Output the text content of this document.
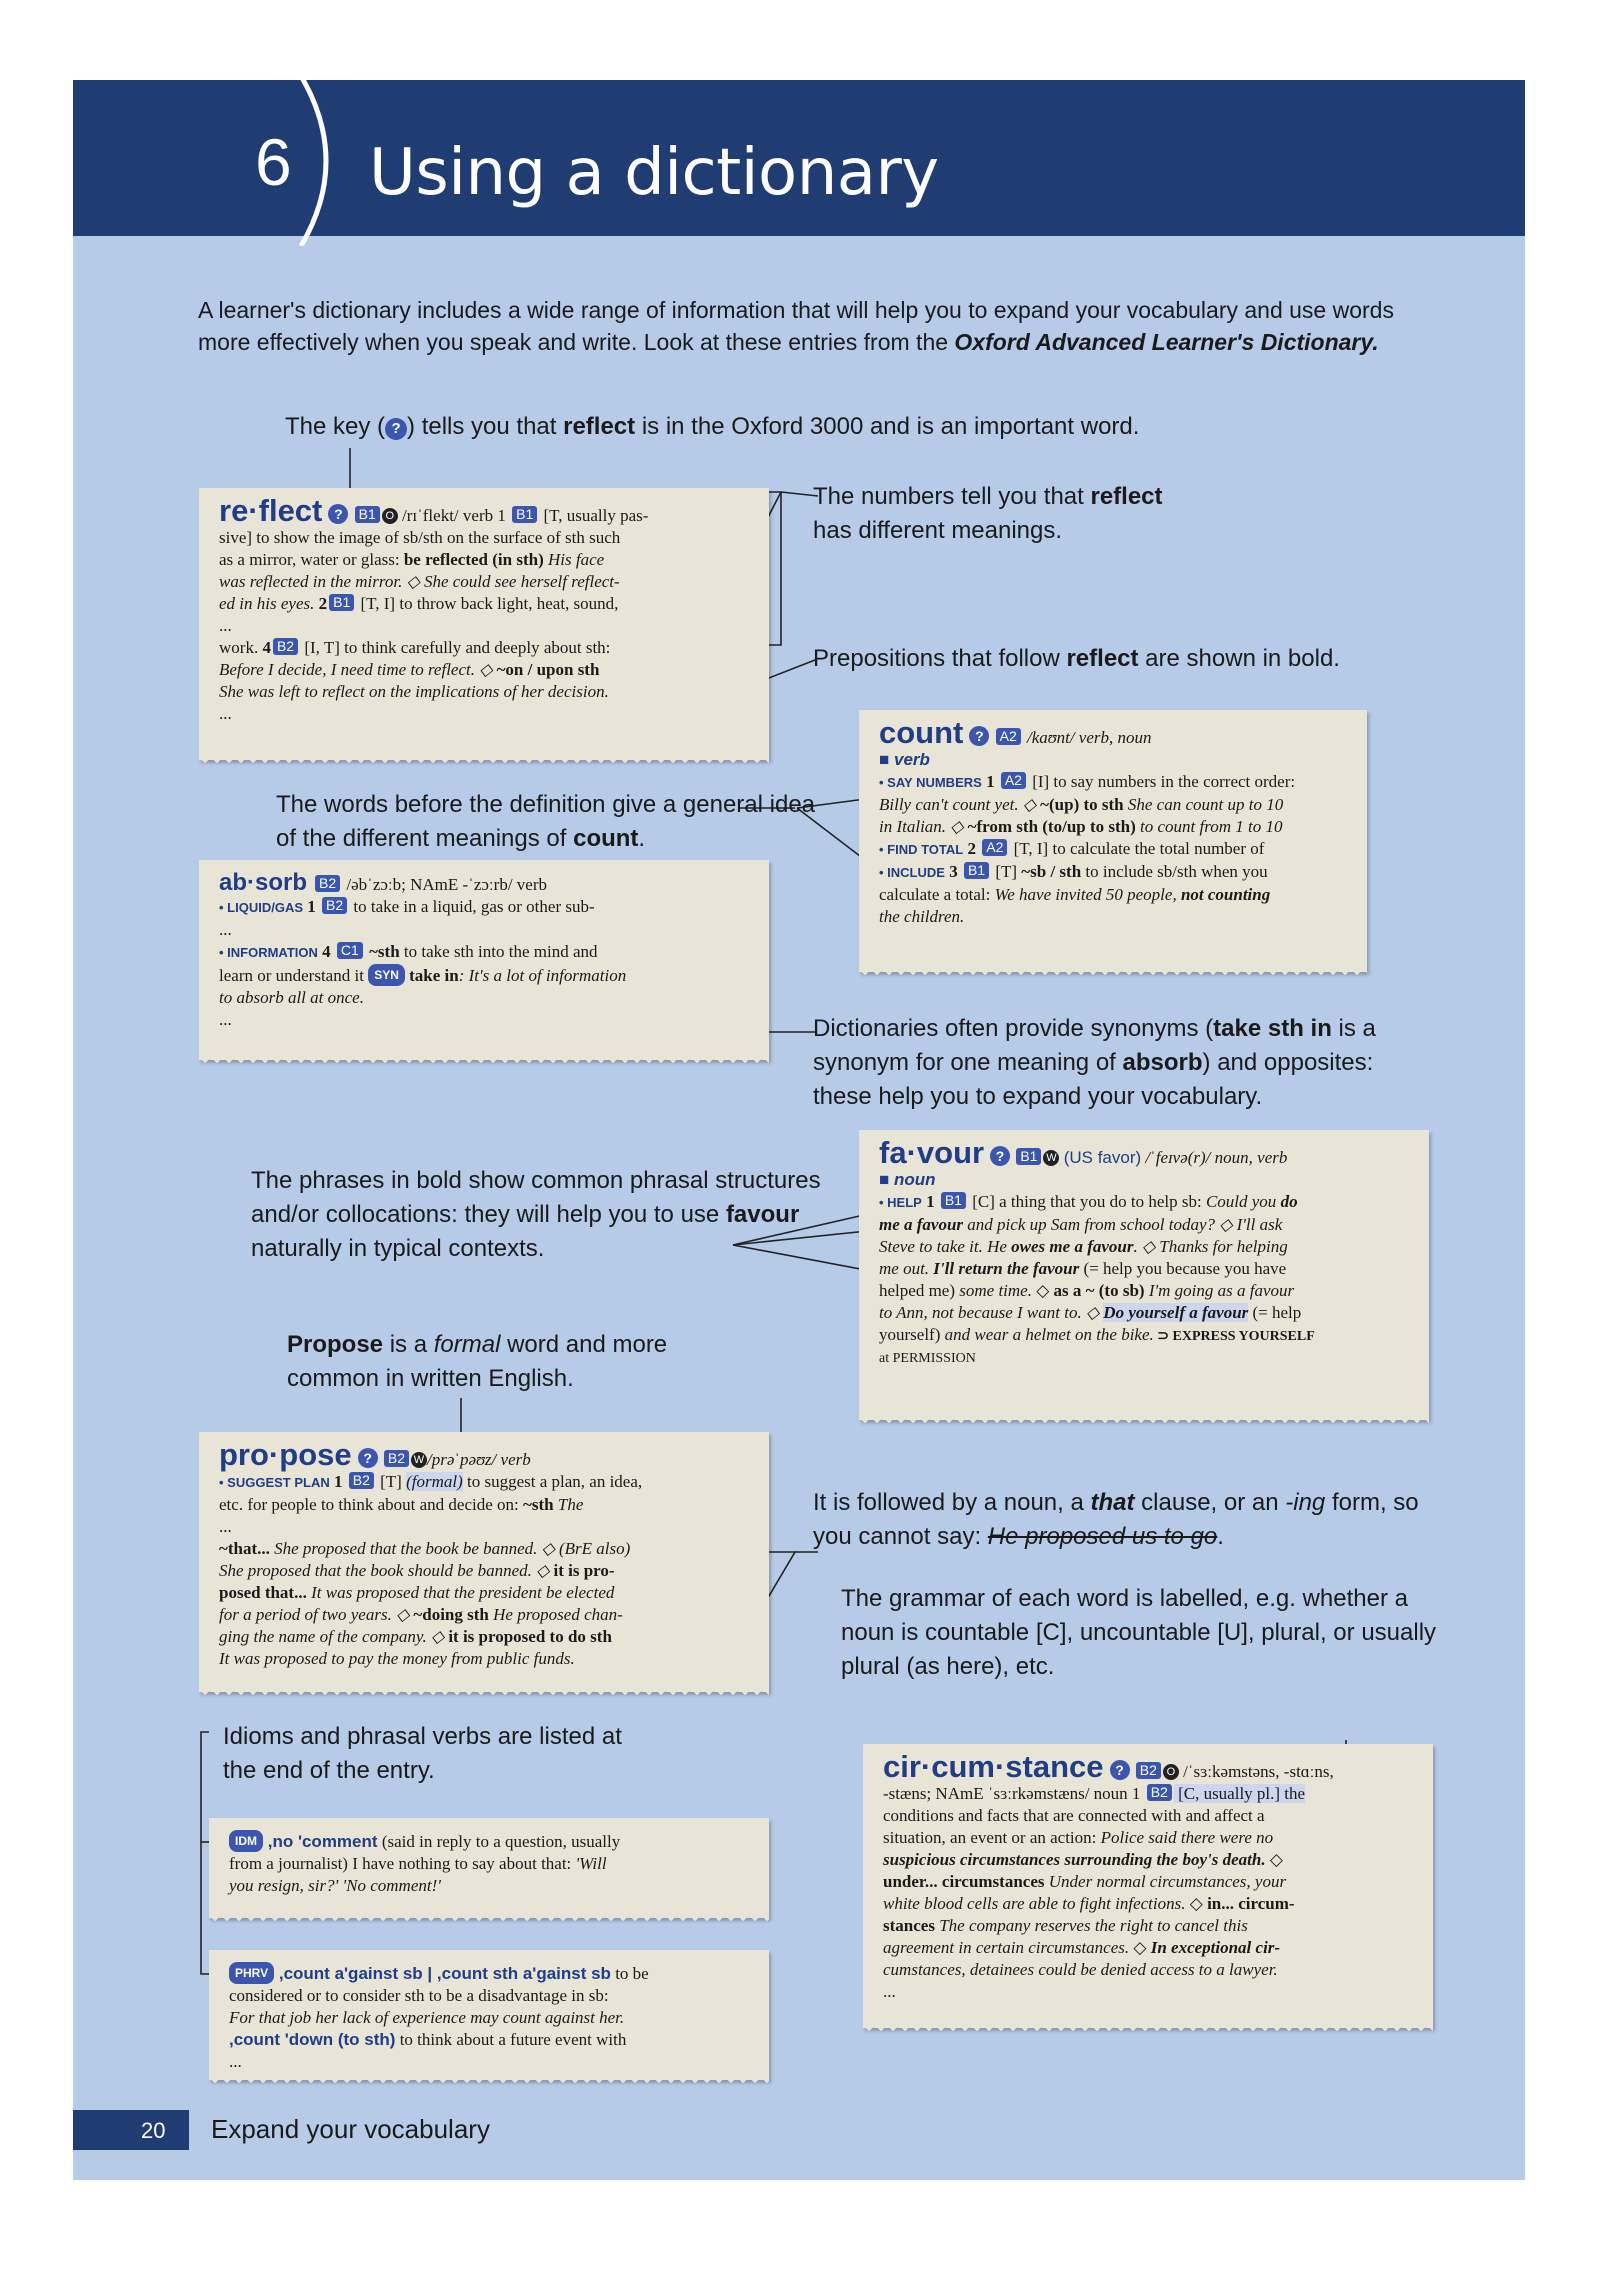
6 Using a dictionary
A learner's dictionary includes a wide range of information that will help you to expand your vocabulary and use words more effectively when you speak and write. Look at these entries from the Oxford Advanced Learner's Dictionary.
The key ( ? ) tells you that reflect is in the Oxford 3000 and is an important word.
The numbers tell you that reflect has different meanings.
Prepositions that follow reflect are shown in bold.
The words before the definition give a general idea of the different meanings of count.
Dictionaries often provide synonyms (take sth in is a synonym for one meaning of absorb) and opposites: these help you to expand your vocabulary.
The phrases in bold show common phrasal structures and/or collocations: they will help you to use favour naturally in typical contexts.
Propose is a formal word and more common in written English.
It is followed by a noun, a that clause, or an -ing form, so you cannot say: He proposed us to go.
The grammar of each word is labelled, e.g. whether a noun is countable [C], uncountable [U], plural, or usually plural (as here), etc.
Idioms and phrasal verbs are listed at the end of the entry.
re·flect ? B1 O /rɪˈflekt/ verb 1 B1 [T, usually pas-
sive] to show the image of sb/sth on the surface of sth such
as a mirror, water or glass: be reflected (in sth) His face
was reflected in the mirror. ◇ She could see herself reflect-
ed in his eyes. 2 B1 [T, I] to throw back light, heat, sound,
...
work. 4 B2 [I, T] to think carefully and deeply about sth:
Before I decide, I need time to reflect. ◇ ~on / upon sth
She was left to reflect on the implications of her decision.
...
count ? A2 /kaʊnt/ verb, noun
■ verb
• SAY NUMBERS 1 A2 [I] to say numbers in the correct order:
Billy can't count yet. ◇ ~(up) to sth She can count up to 10
in Italian. ◇ ~from sth (to/up to sth) to count from 1 to 10
• FIND TOTAL 2 A2 [T, I] to calculate the total number of
• INCLUDE 3 B1 [T] ~sb / sth to include sb/sth when you
calculate a total: We have invited 50 people, not counting
the children.
ab·sorb B2 /əbˈzɔːb; NAmE -ˈzɔːrb/ verb
• LIQUID/GAS 1 B2 to take in a liquid, gas or other sub-
...
• INFORMATION 4 C1 ~sth to take sth into the mind and
learn or understand it SYN take in: It's a lot of information
to absorb all at once.
...
fa·vour ? B1 W (US favor) /ˈfeɪvə(r)/ noun, verb
■ noun
• HELP 1 B1 [C] a thing that you do to help sb: Could you do
me a favour and pick up Sam from school today? ◇ I'll ask
Steve to take it. He owes me a favour. ◇ Thanks for helping
me out. I'll return the favour (= help you because you have
helped me) some time. ◇ as a ~ (to sb) I'm going as a favour
to Ann, not because I want to. ◇ Do yourself a favour (= help
yourself) and wear a helmet on the bike. ⊃ EXPRESS YOURSELF
at PERMISSION
pro·pose ? B2 W /prəˈpəʊz/ verb
• SUGGEST PLAN 1 B2 [T] (formal) to suggest a plan, an idea,
etc. for people to think about and decide on: ~sth The
...
~that... She proposed that the book be banned. ◇ (BrE also)
She proposed that the book should be banned. ◇ it is pro-
posed that... It was proposed that the president be elected
for a period of two years. ◇ ~doing sth He proposed chan-
ging the name of the company. ◇ it is proposed to do sth
It was proposed to pay the money from public funds.
cir·cum·stance ? B2 O /ˈsɜːkəmstəns, -stɑːns,
-stæns; NAmE ˈsɜːrkəmstæns/ noun 1 B2 [C, usually pl.] the
conditions and facts that are connected with and affect a
situation, an event or an action: Police said there were no
suspicious circumstances surrounding the boy's death. ◇
under... circumstances Under normal circumstances, your
white blood cells are able to fight infections. ◇ in... circum-
stances The company reserves the right to cancel this
agreement in certain circumstances. ◇ In exceptional cir-
cumstances, detainees could be denied access to a lawyer.
...
IDM ,no 'comment (said in reply to a question, usually
from a journalist) I have nothing to say about that: 'Will
you resign, sir?' 'No comment!'
PHRV ,count a'gainst sb | ,count sth a'gainst sb to be
considered or to consider sth to be a disadvantage in sb:
For that job her lack of experience may count against her.
,count 'down (to sth) to think about a future event with
...
20 Expand your vocabulary
